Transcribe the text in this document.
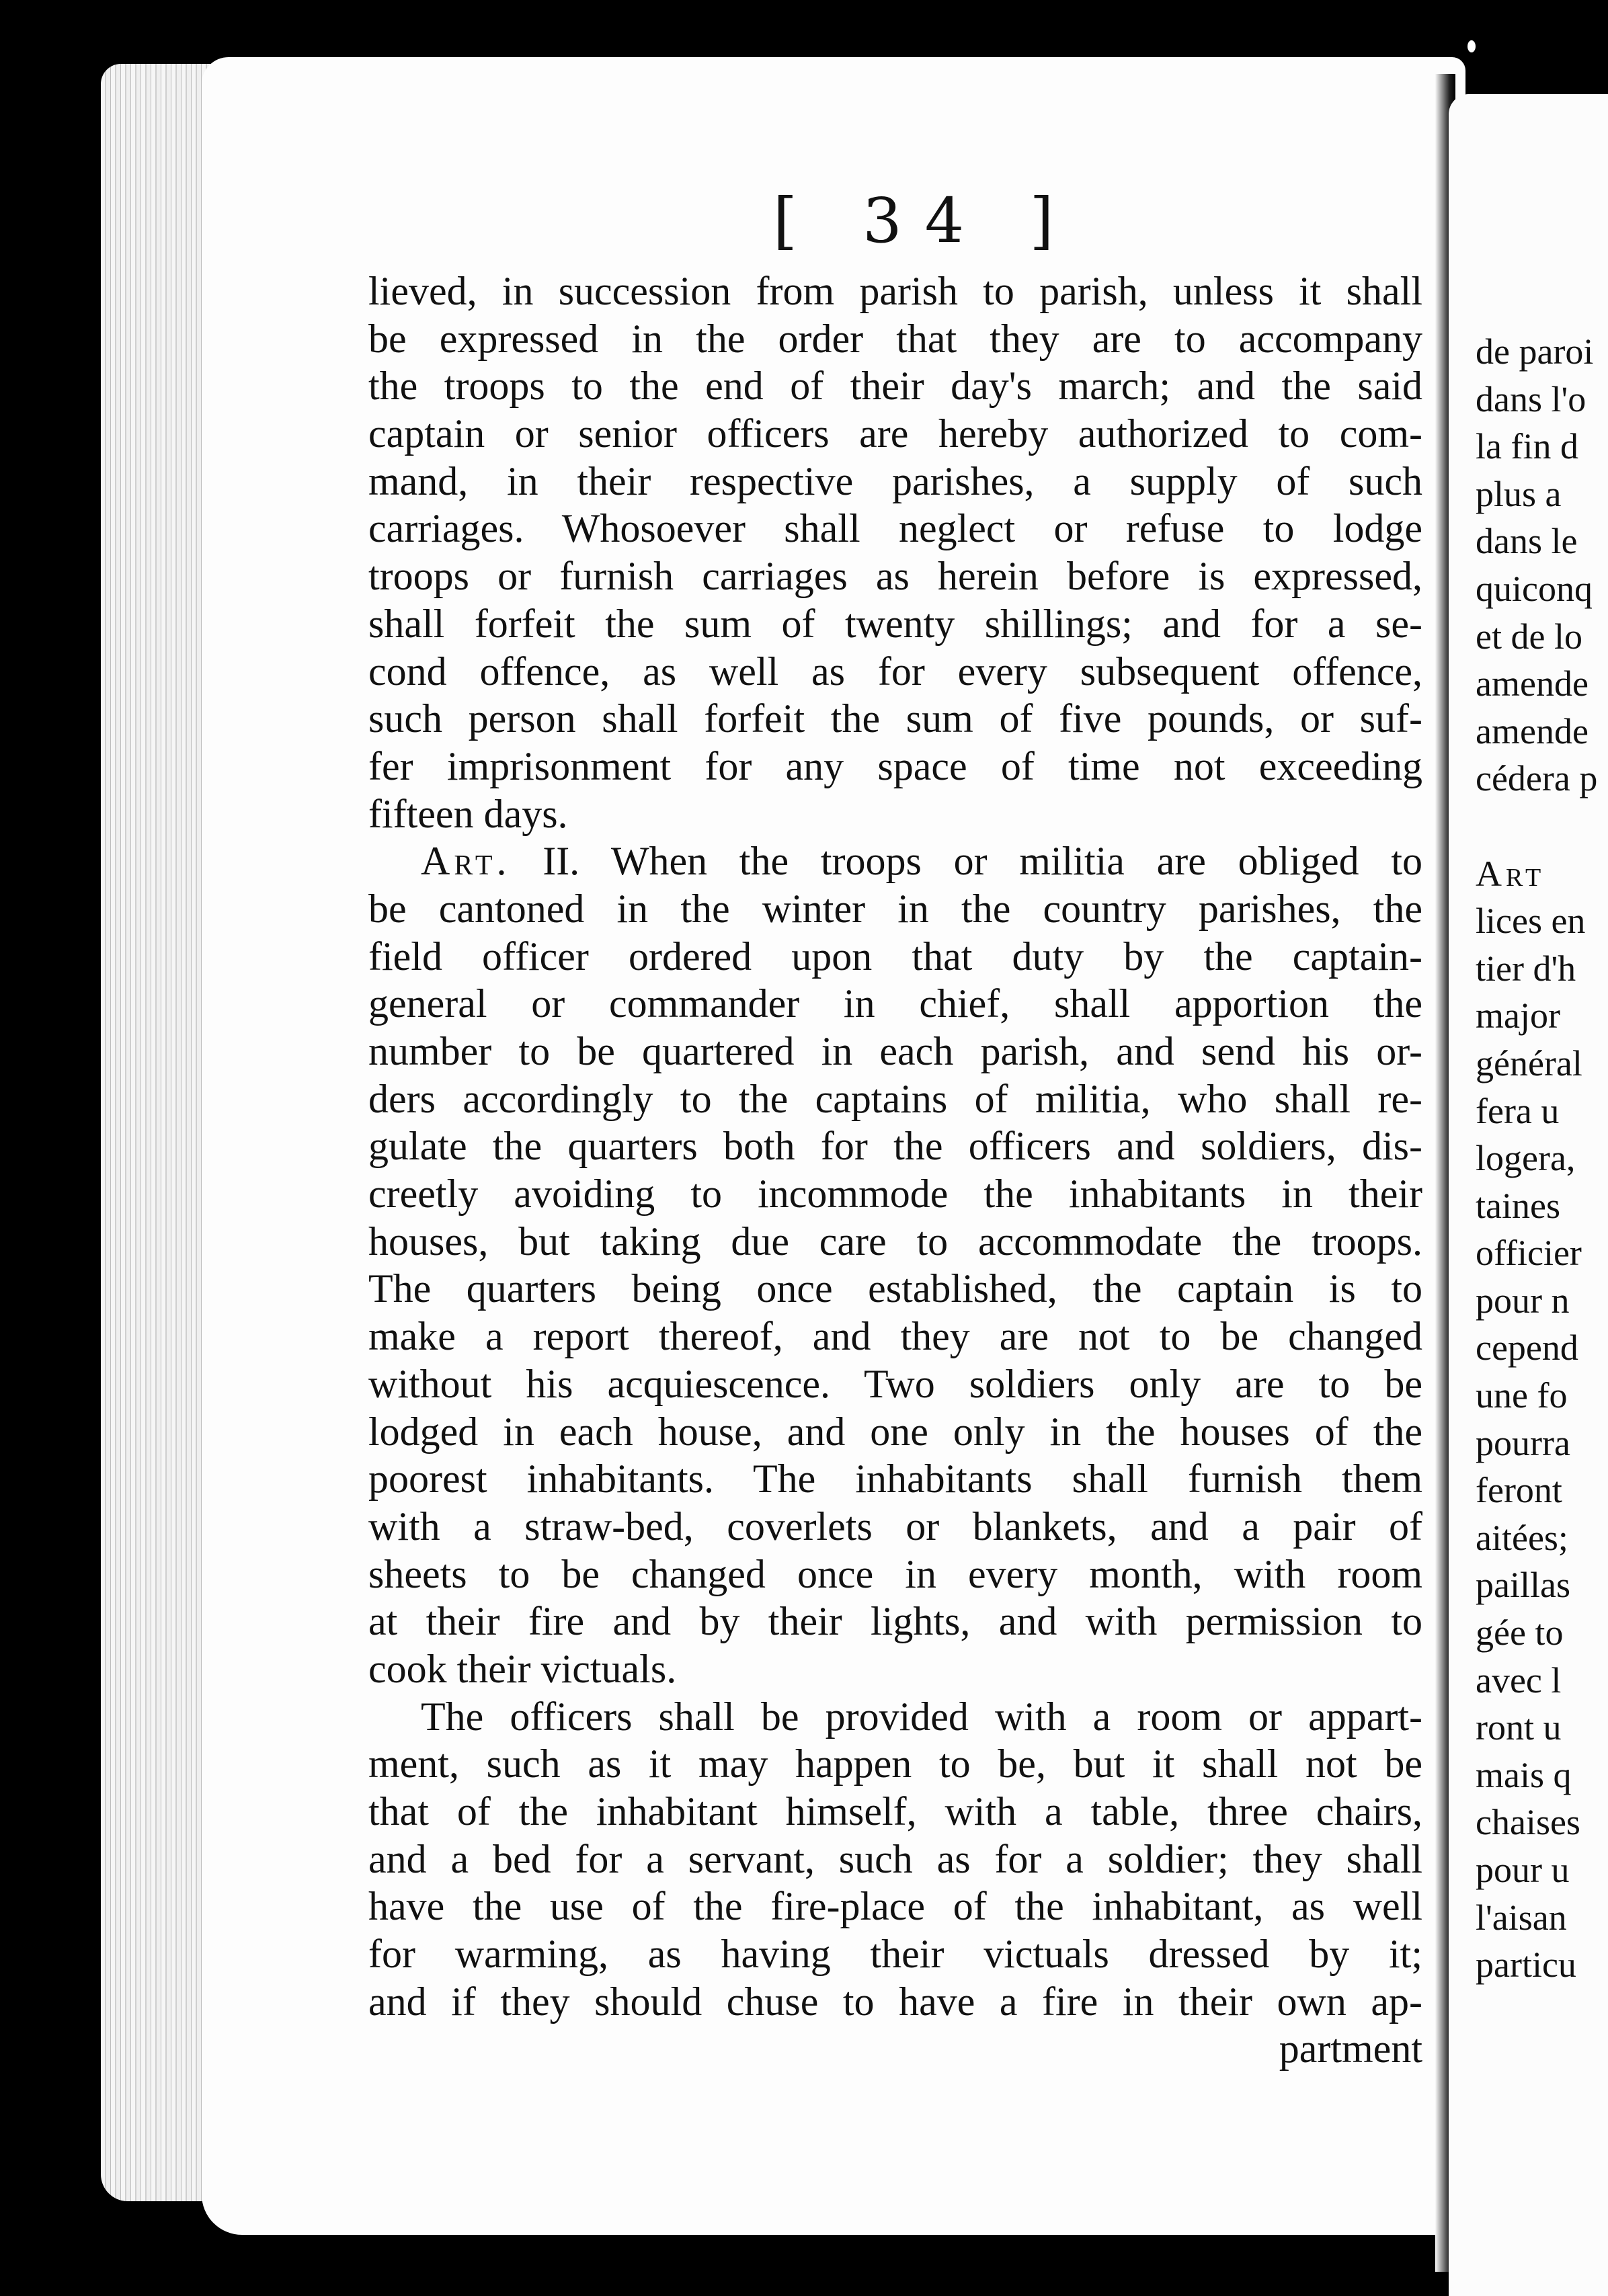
[ 34 ]
lieved, in succession from parish to parish, unless it shall
be expressed in the order that they are to accompany
the troops to the end of their day's march; and the said
captain or senior officers are hereby authorized to com-
mand, in their respective parishes, a supply of such
carriages. Whosoever shall neglect or refuse to lodge
troops or furnish carriages as herein before is expressed,
shall forfeit the sum of twenty shillings; and for a se-
cond offence, as well as for every subsequent offence,
such person shall forfeit the sum of five pounds, or suf-
fer imprisonment for any space of time not exceeding
fifteen days.
Art. II. When the troops or militia are obliged to
be cantoned in the winter in the country parishes, the
field officer ordered upon that duty by the captain-
general or commander in chief, shall apportion the
number to be quartered in each parish, and send his or-
ders accordingly to the captains of militia, who shall re-
gulate the quarters both for the officers and soldiers, dis-
creetly avoiding to incommode the inhabitants in their
houses, but taking due care to accommodate the troops.
The quarters being once established, the captain is to
make a report thereof, and they are not to be changed
without his acquiescence. Two soldiers only are to be
lodged in each house, and one only in the houses of the
poorest inhabitants. The inhabitants shall furnish them
with a straw-bed, coverlets or blankets, and a pair of
sheets to be changed once in every month, with room
at their fire and by their lights, and with permission to
cook their victuals.
The officers shall be provided with a room or appart-
ment, such as it may happen to be, but it shall not be
that of the inhabitant himself, with a table, three chairs,
and a bed for a servant, such as for a soldier; they shall
have the use of the fire-place of the inhabitant, as well
for warming, as having their victuals dressed by it;
and if they should chuse to have a fire in their own ap-
partment
de paroi
dans l'o
la fin d
plus a
dans le
quiconq
et de lo
amende
amende
cédera p
Art
lices en
tier d'h
major
général
fera u
logera,
taines
officier
pour n
cepend
une fo
pourra
feront
aitées;
paillas
gée to
avec l
ront u
mais q
chaises
pour u
l'aisan
particu
